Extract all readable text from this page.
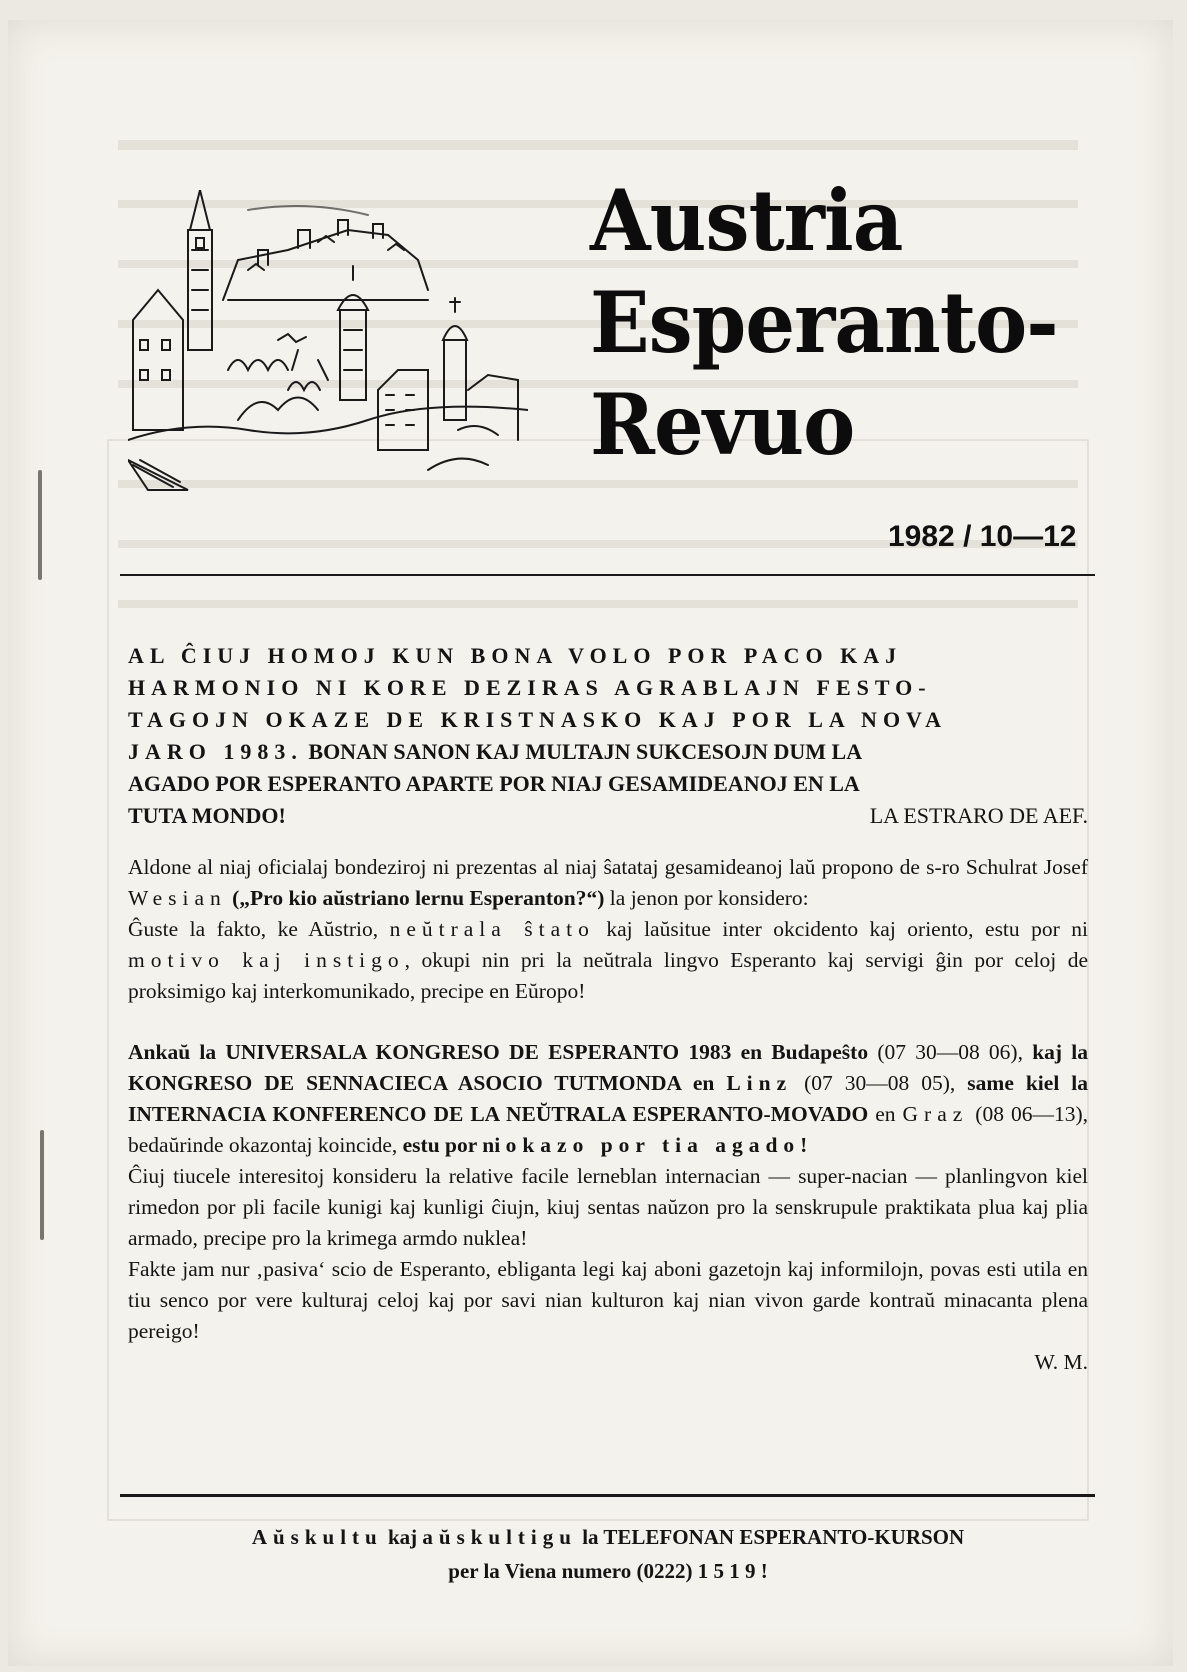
Austria
Esperanto-
Revuo
1982 / 10—12
AL ĈIUJ HOMOJ KUN BONA VOLO POR PACO KAJ
HARMONIO NI KORE DEZIRAS AGRABLAJN FESTO-
TAGOJN OKAZE DE KRISTNASKO KAJ POR LA NOVA
JARO 1983. BONAN SANON KAJ MULTAJN SUKCESOJN DUM LA
AGADO POR ESPERANTO APARTE POR NIAJ GESAMIDEANOJ EN LA
TUTA MONDO!	LA ESTRARO DE AEF.

Aldone al niaj oficialaj bondeziroj ni prezentas al niaj ŝatataj gesamideanoj laŭ propono de s-ro Schulrat Josef Wesian („Pro kio aŭstriano lernu Esperanton?“) la jenon por konsidero:

Ĝuste la fakto, ke Aŭstrio, neŭtrala ŝtato kaj laŭsitue inter okcidento kaj oriento, estu por ni motivo kaj instigo, okupi nin pri la neŭtrala lingvo Esperanto kaj servigi ĝin por celoj de proksimigo kaj interkomunikado, precipe en Eŭropo!

Ankaŭ la UNIVERSALA KONGRESO DE ESPERANTO 1983 en Budapeŝto (07 30—08 06), kaj la KONGRESO DE SENNACIECA ASOCIO TUTMONDA en Linz (07 30—08 05), same kiel la INTERNACIA KONFERENCO DE LA NEŬTRALA ESPERANTO-MOVADO en Graz (08 06—13), bedaŭrinde okazontaj koincide, estu por ni okazo por tia agado!

Ĉiuj tiucele interesitoj konsideru la relative facile lerneblan internacian — super-nacian — planlingvon kiel rimedon por pli facile kunigi kaj kunligi ĉiujn, kiuj sentas naŭzon pro la senskrupule praktikata plua kaj plia armado, precipe pro la krimega armdo nuklea!

Fakte jam nur ‚pasiva‘ scio de Esperanto, ebliganta legi kaj aboni gazetojn kaj informilojn, povas esti utila en tiu senco por vere kulturaj celoj kaj por savi nian kulturon kaj nian vivon garde kontraŭ minacanta plena pereigo!

W. M.

Aŭskultu kaj aŭskultigu la TELEFONAN ESPERANTO-KURSON
per la Viena numero (0222) 1 5 1 9 !
